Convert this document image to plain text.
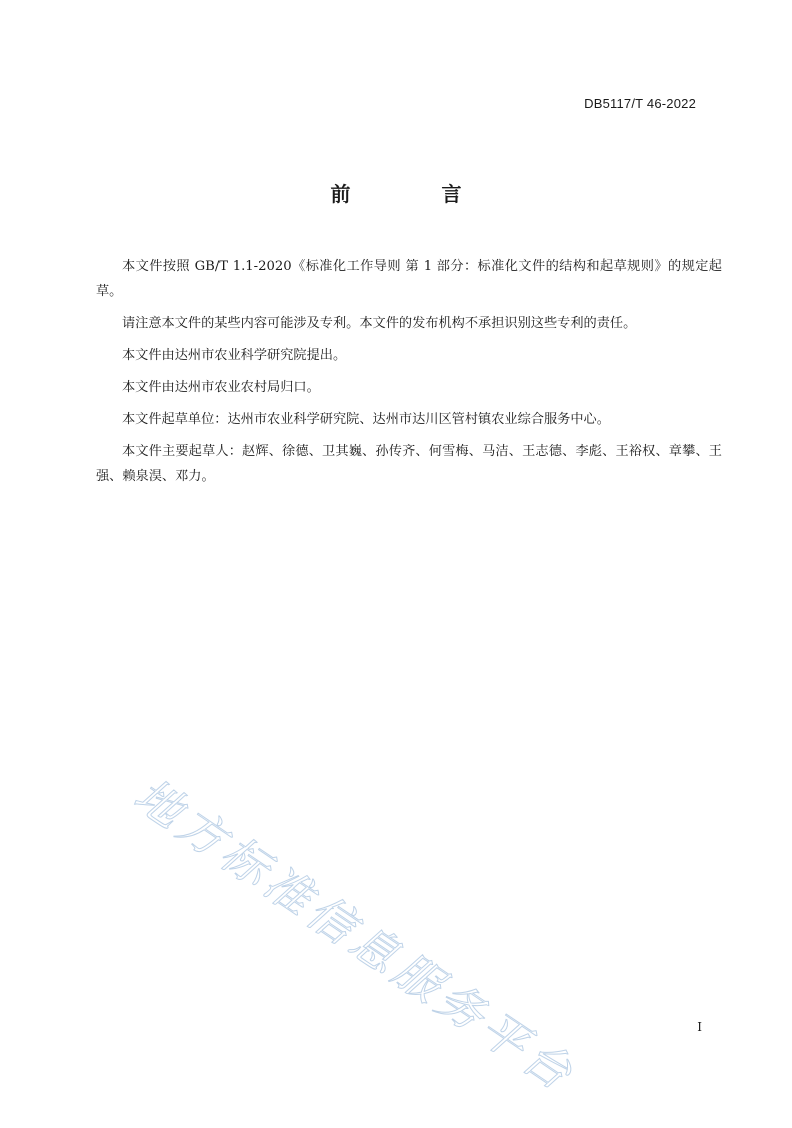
DB5117/T 46-2022
前 言

本文件按照 GB/T 1.1-2020《标准化工作导则 第 1 部分：标准化文件的结构和起草规则》的规定起草。

请注意本文件的某些内容可能涉及专利。本文件的发布机构不承担识别这些专利的责任。

本文件由达州市农业科学研究院提出。

本文件由达州市农业农村局归口。

本文件起草单位：达州市农业科学研究院、达州市达川区管村镇农业综合服务中心。

本文件主要起草人：赵辉、徐德、卫其巍、孙传齐、何雪梅、马洁、王志德、李彪、王裕权、章攀、王强、赖泉淏、邓力。

地方标准信息服务平台	I
